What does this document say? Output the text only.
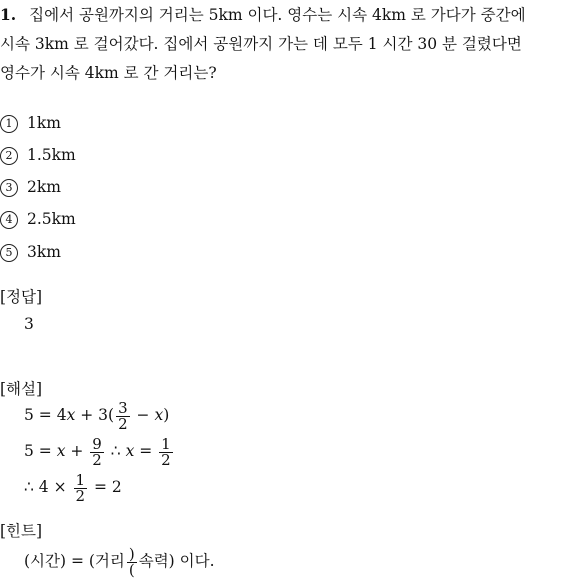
1. 집에서 공원까지의 거리는 5km 이다. 영수는 시속 4km 로 가다가 중간에
시속 3km 로 걸어갔다. 집에서 공원까지 가는 데 모두 1 시간 30 분 걸렸다면
영수가 시속 4km 로 간 거리는?
1 1km
2 1.5km
3 2km
4 2.5km
5 3km
[정답]
3
[해설]
$5 = 4x + 3( \frac{3}{2} - x)$
$5 = x + \frac{9}{2}$ ∴ $x = \frac{1}{2}$
∴ $4 \times \frac{1}{2} = 2$
[힌트]
(시간) = (거리 $\frac{)}{(}$ 속력) 이다.
